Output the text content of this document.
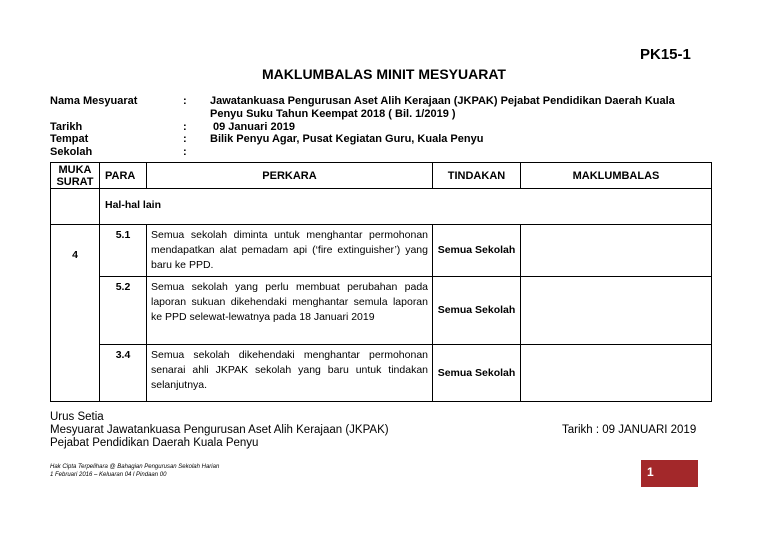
PK15-1
MAKLUMBALAS MINIT MESYUARAT
Nama Mesyuarat	: Jawatankuasa Pengurusan Aset Alih Kerajaan (JKPAK) Pejabat Pendidikan Daerah Kuala Penyu Suku Tahun Keempat 2018 ( Bil. 1/2019 )
Tarikh	: 09 Januari 2019
Tempat	: Bilik Penyu Agar, Pusat Kegiatan Guru, Kuala Penyu
Sekolah	:
MUKA SURAT	PARA	PERKARA	TINDAKAN	MAKLUMBALAS
	Hal-hal lain			
4	5.1	Semua sekolah diminta untuk menghantar permohonan mendapatkan alat pemadam api (‘fire extinguisher’) yang baru ke PPD.	Semua Sekolah	
	5.2	Semua sekolah yang perlu membuat perubahan pada laporan sukuan dikehendaki menghantar semula laporan ke PPD selewat-lewatnya pada 18 Januari 2019	Semua Sekolah	
	3.4	Semua sekolah dikehendaki menghantar permohonan senarai ahli JKPAK sekolah yang baru untuk tindakan selanjutnya.	Semua Sekolah	
Urus Setia
Mesyuarat Jawatankuasa Pengurusan Aset Alih Kerajaan (JKPAK)
Pejabat Pendidikan Daerah Kuala Penyu
Tarikh : 09 JANUARI 2019
Hak Cipta Terpelihara @ Bahagian Pengurusan Sekolah Harian
1 Februari 2016 – Keluaran 04 l Pindaan 00	1
